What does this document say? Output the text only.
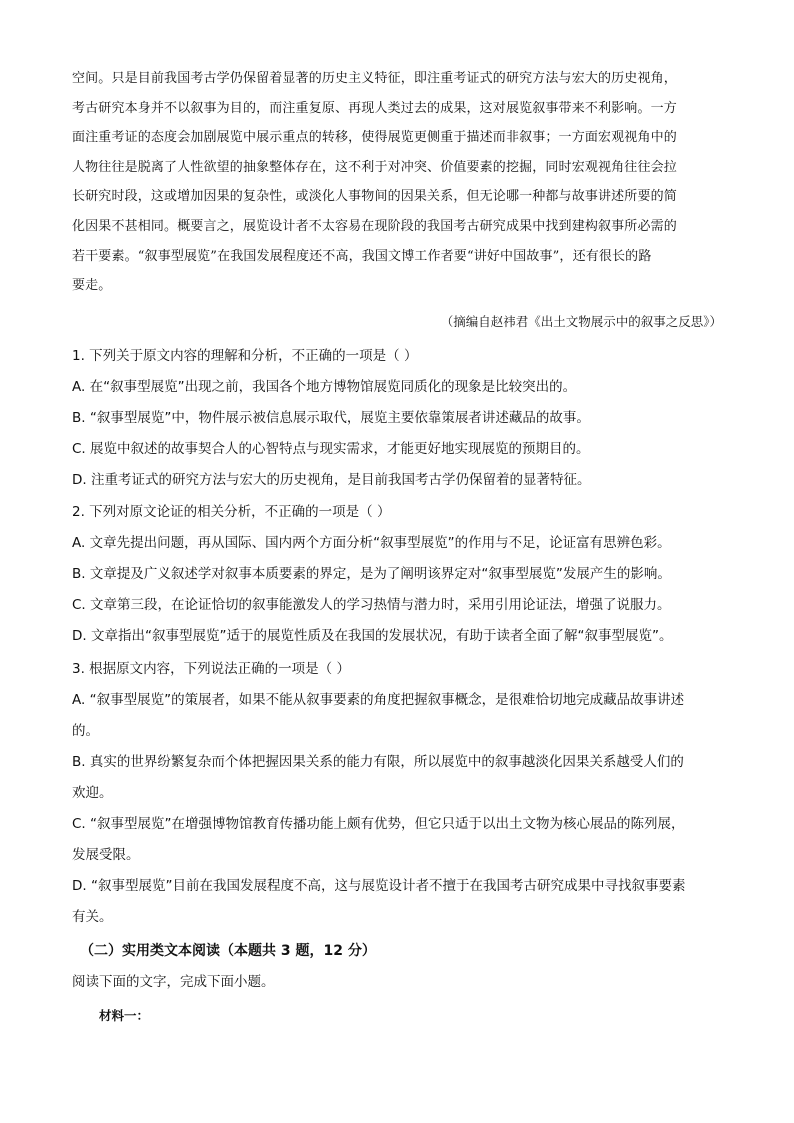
空间。只是目前我国考古学仍保留着显著的历史主义特征，即注重考证式的研究方法与宏大的历史视角，
考古研究本身并不以叙事为目的，而注重复原、再现人类过去的成果，这对展览叙事带来不利影响。一方
面注重考证的态度会加剧展览中展示重点的转移，使得展览更侧重于描述而非叙事；一方面宏观视角中的
人物往往是脱离了人性欲望的抽象整体存在，这不利于对冲突、价值要素的挖掘，同时宏观视角往往会拉
长研究时段，这或增加因果的复杂性，或淡化人事物间的因果关系，但无论哪一种都与故事讲述所要的简
化因果不甚相同。概要言之，展览设计者不太容易在现阶段的我国考古研究成果中找到建构叙事所必需的
若干要素。“叙事型展览”在我国发展程度还不高，我国文博工作者要“讲好中国故事”，还有很长的路
要走。
（摘编自赵祎君《出土文物展示中的叙事之反思》）
1. 下列关于原文内容的理解和分析，不正确的一项是（ ）
A. 在“叙事型展览”出现之前，我国各个地方博物馆展览同质化的现象是比较突出的。
B. “叙事型展览”中，物件展示被信息展示取代，展览主要依靠策展者讲述藏品的故事。
C. 展览中叙述的故事契合人的心智特点与现实需求，才能更好地实现展览的预期目的。
D. 注重考证式的研究方法与宏大的历史视角，是目前我国考古学仍保留着的显著特征。
2. 下列对原文论证的相关分析，不正确的一项是（ ）
A. 文章先提出问题，再从国际、国内两个方面分析“叙事型展览”的作用与不足，论证富有思辨色彩。
B. 文章提及广义叙述学对叙事本质要素的界定，是为了阐明该界定对“叙事型展览”发展产生的影响。
C. 文章第三段，在论证恰切的叙事能激发人的学习热情与潜力时，采用引用论证法，增强了说服力。
D. 文章指出“叙事型展览”适于的展览性质及在我国的发展状况，有助于读者全面了解“叙事型展览”。
3. 根据原文内容，下列说法正确的一项是（ ）
A. “叙事型展览”的策展者，如果不能从叙事要素的角度把握叙事概念，是很难恰切地完成藏品故事讲述
的。
B. 真实的世界纷繁复杂而个体把握因果关系的能力有限，所以展览中的叙事越淡化因果关系越受人们的
欢迎。
C. “叙事型展览”在增强博物馆教育传播功能上颇有优势，但它只适于以出土文物为核心展品的陈列展，
发展受限。
D. “叙事型展览”目前在我国发展程度不高，这与展览设计者不擅于在我国考古研究成果中寻找叙事要素
有关。
（二）实用类文本阅读（本题共 3 题，12 分）
阅读下面的文字，完成下面小题。
材料一：
